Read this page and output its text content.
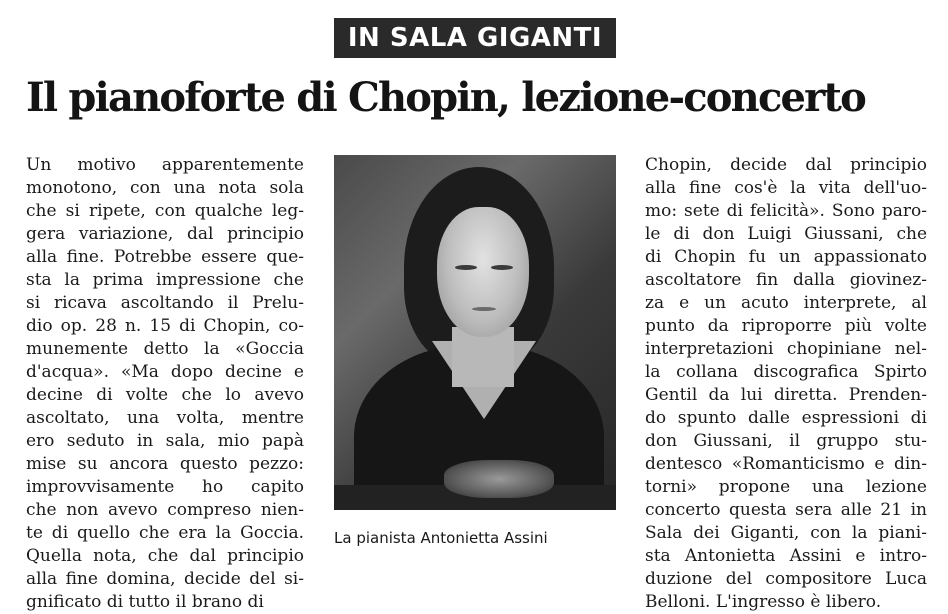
IN SALA GIGANTI
Il pianoforte di Chopin, lezione-concerto
Un motivo apparentemente
monotono, con una nota sola
che si ripete, con qualche leg-
gera variazione, dal principio
alla fine. Potrebbe essere que-
sta la prima impressione che
si ricava ascoltando il Prelu-
dio op. 28 n. 15 di Chopin, co-
munemente detto la «Goccia
d'acqua». «Ma dopo decine e
decine di volte che lo avevo
ascoltato, una volta, mentre
ero seduto in sala, mio papà
mise su ancora questo pezzo:
improvvisamente ho capito
che non avevo compreso nien-
te di quello che era la Goccia.
Quella nota, che dal principio
alla fine domina, decide del si-
gnificato di tutto il brano di
La pianista Antonietta Assini
Chopin, decide dal principio
alla fine cos'è la vita dell'uo-
mo: sete di felicità». Sono paro-
le di don Luigi Giussani, che
di Chopin fu un appassionato
ascoltatore fin dalla giovinez-
za e un acuto interprete, al
punto da riproporre più volte
interpretazioni chopiniane nel-
la collana discografica Spirto
Gentil da lui diretta. Prenden-
do spunto dalle espressioni di
don Giussani, il gruppo stu-
dentesco «Romanticismo e din-
torni» propone una lezione
concerto questa sera alle 21 in
Sala dei Giganti, con la piani-
sta Antonietta Assini e intro-
duzione del compositore Luca
Belloni. L'ingresso è libero.
